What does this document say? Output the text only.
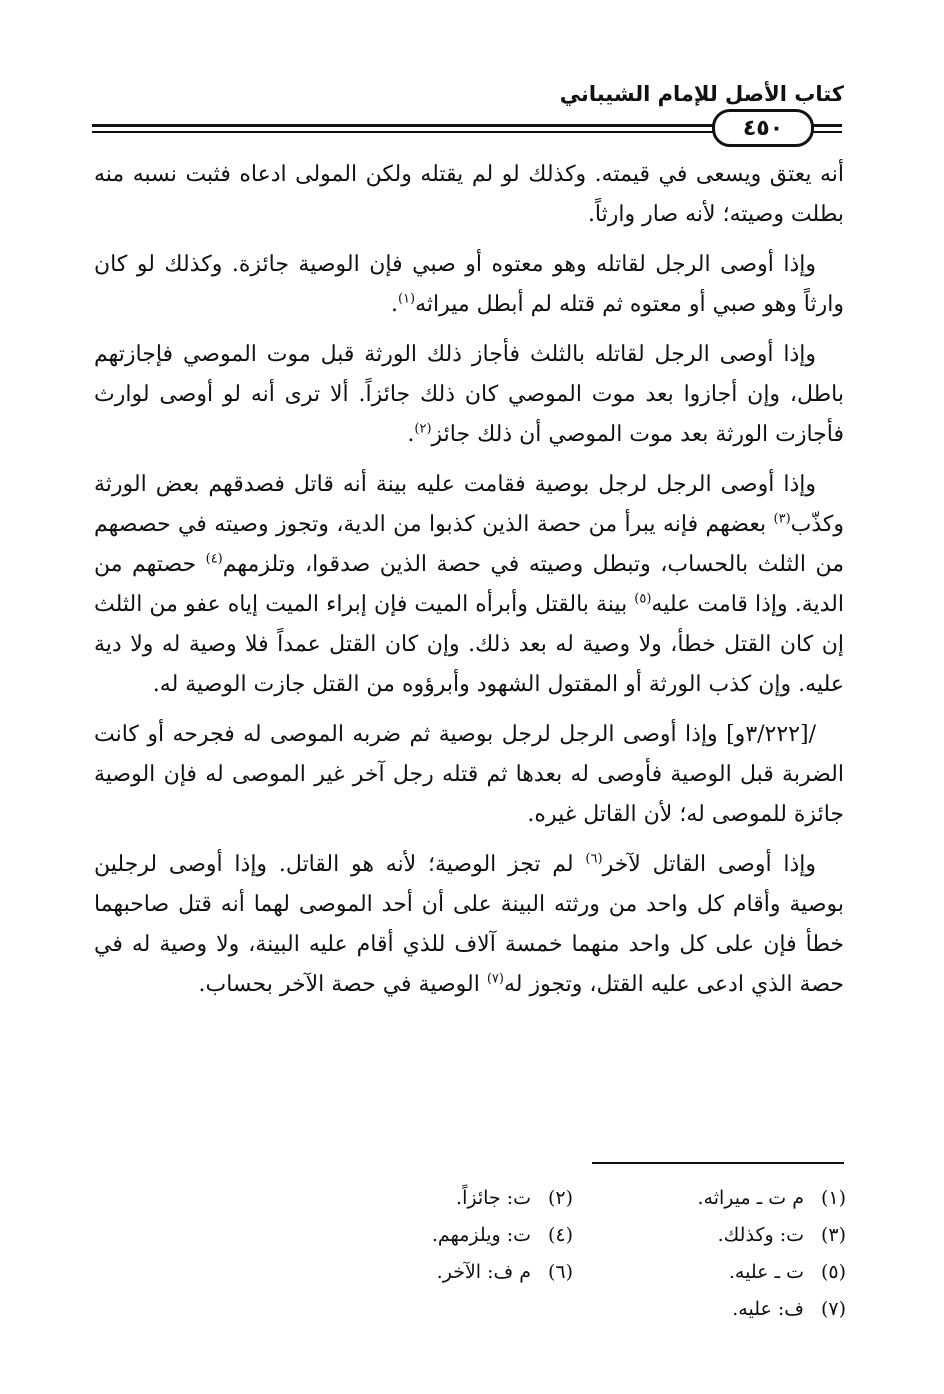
كتاب الأصل للإمام الشيباني
٤٥٠

أنه يعتق ويسعى في قيمته. وكذلك لو لم يقتله ولكن المولى ادعاه فثبت نسبه منه بطلت وصيته؛ لأنه صار وارثاً.

وإذا أوصى الرجل لقاتله وهو معتوه أو صبي فإن الوصية جائزة. وكذلك لو كان وارثاً وهو صبي أو معتوه ثم قتله لم أبطل ميراثه$^{(١)}$.

وإذا أوصى الرجل لقاتله بالثلث فأجاز ذلك الورثة قبل موت الموصي فإجازتهم باطل، وإن أجازوا بعد موت الموصي كان ذلك جائزاً. ألا ترى أنه لو أوصى لوارث فأجازت الورثة بعد موت الموصي أن ذلك جائز$^{(٢)}$.

وإذا أوصى الرجل لرجل بوصية فقامت عليه بينة أنه قاتل فصدقهم بعض الورثة وكذّب$^{(٣)}$ بعضهم فإنه يبرأ من حصة الذين كذبوا من الدية، وتجوز وصيته في حصصهم من الثلث بالحساب، وتبطل وصيته في حصة الذين صدقوا، وتلزمهم$^{(٤)}$ حصتهم من الدية. وإذا قامت عليه$^{(٥)}$ بينة بالقتل وأبرأه الميت فإن إبراء الميت إياه عفو من الثلث إن كان القتل خطأ، ولا وصية له بعد ذلك. وإن كان القتل عمداً فلا وصية له ولا دية عليه. وإن كذب الورثة أو المقتول الشهود وأبرؤوه من القتل جازت الوصية له.

/[٣/٢٢٢و] وإذا أوصى الرجل لرجل بوصية ثم ضربه الموصى له فجرحه أو كانت الضربة قبل الوصية فأوصى له بعدها ثم قتله رجل آخر غير الموصى له فإن الوصية جائزة للموصى له؛ لأن القاتل غيره.

وإذا أوصى القاتل لآخر$^{(٦)}$ لم تجز الوصية؛ لأنه هو القاتل. وإذا أوصى لرجلين بوصية وأقام كل واحد من ورثته البينة على أن أحد الموصى لهما أنه قتل صاحبهما خطأ فإن على كل واحد منهما خمسة آلاف للذي أقام عليه البينة، ولا وصية له في حصة الذي ادعى عليه القتل، وتجوز له$^{(٧)}$ الوصية في حصة الآخر بحساب.

(١)م ت ـ ميراثه.
(٢)ت: جائزاً.
(٣)ت: وكذلك.
(٤)ت: ويلزمهم.
(٥)ت ـ عليه.
(٦)م ف: الآخر.
(٧)ف: عليه.
